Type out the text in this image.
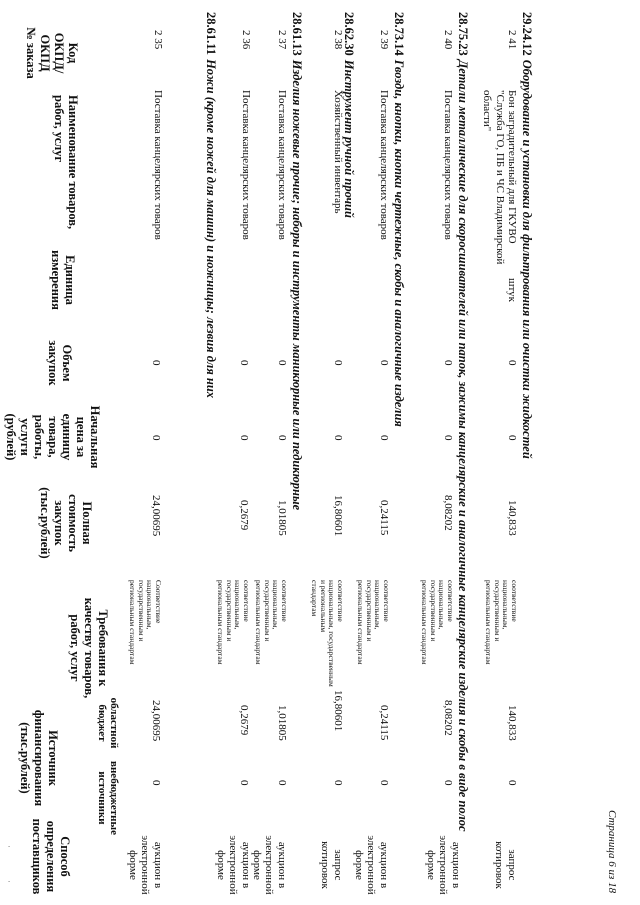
Код
ОКПД/
ОКПД
№ заказа
Наименование товаров,
работ, услуг
Единица
измерения
Объем
закупок
Начальная
цена за
единицу
товара,
работы,
услуги
(рублей)
Полная
стоимость
закупок
(тыс.рублей)
Требования к
качеству товаров,
работ, услуг
Источник
финансирования
(тыс.рублей)	областной
бюджет
внебюджетные
источники
Способ
определения
поставщиков
2 35
Поставка канцелярских товаров
0
0
24,00695
Соответствие
национальным,
государственным и
региональным стандартам
24,00695
0
аукцион в
электронной
форме
28.61.11Ножи (кроме ножей для машин) и ножницы; лезвия для них
2 36
Поставка канцелярских товаров
0
0
0,2679
соответствие
национальным,
государственным и
региональным стандартам
0,2679
0
аукцион в
электронной
форме
28.61.13Изделия ножевые прочие; наборы и инструменты маникюрные или педикюрные
2 37
Поставка канцелярских товаров
0
0
1,01805
соответствие
национальным,
государственным и
региональным стандартам
1,01805
0
аукцион в
электронной
форме
28.62.30Инструмент ручной прочий
2 38
Хозяйственный инвентарь
0
0
16,80601
соответствие
национальным, государственным
и региональным
стандартам
16,80601
0
запрос
котировок
28.73.14Гвозди, кнопки, кнопки чертежные, скобы и аналогичные изделия
2 39
Поставка канцелярских товаров
0
0
0,24115
соответствие
национальным,
государственным и
региональным стандартам
0,24115
0
аукцион в
электронной
форме
28.75.23Детали металлические для скоросшивателей или папок, зажимы канцелярские и аналогичные канцелярские изделия и скобы в виде полос
2 40
Поставка канцелярских товаров
0
0
8,08202
соответствие
национальным,
государственным и
региональным стандартам
8,08202
0
аукцион в
электронной
форме
29.24.12Оборудование и установки для фильтрования или очистки жидкостей
2 41
Бон заградительный для ГКУВО
"Служба ГО, ПБ и ЧС Владимирской
области"
штук
0
0
140,833
соответствие
национальным,
государственным и
региональным стандартам
140,833
0
запрос
котировок	Страница 6 из 18
·
·
